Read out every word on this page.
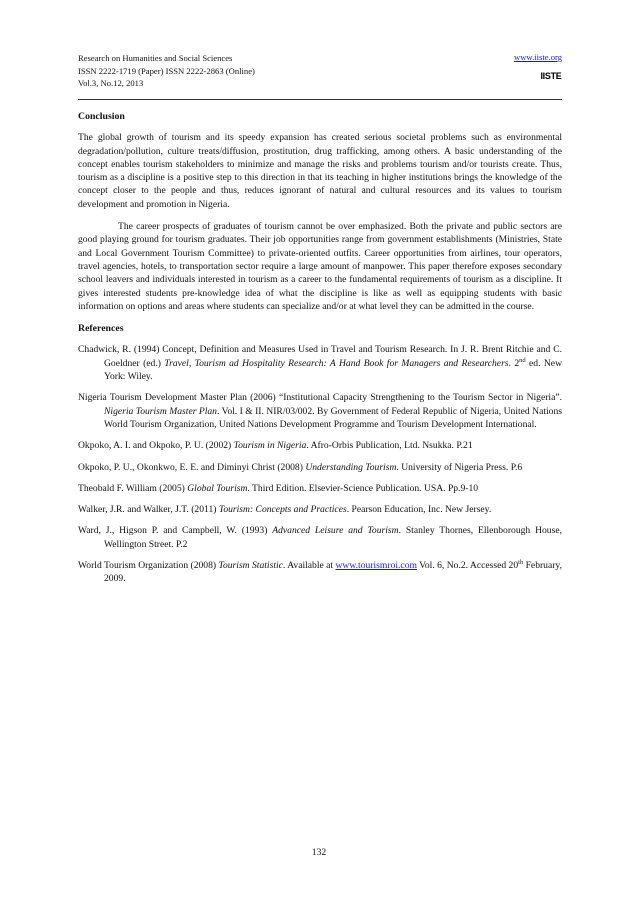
Research on Humanities and Social Sciences
ISSN 2222-1719 (Paper) ISSN 2222-2863 (Online)
Vol.3, No.12, 2013
www.iiste.org
IISTE
Conclusion

The global growth of tourism and its speedy expansion has created serious societal problems such as environmental degradation/pollution, culture treats/diffusion, prostitution, drug trafficking, among others. A basic understanding of the concept enables tourism stakeholders to minimize and manage the risks and problems tourism and/or tourists create. Thus, tourism as a discipline is a positive step to this direction in that its teaching in higher institutions brings the knowledge of the concept closer to the people and thus, reduces ignorant of natural and cultural resources and its values to tourism development and promotion in Nigeria.

The career prospects of graduates of tourism cannot be over emphasized. Both the private and public sectors are good playing ground for tourism graduates. Their job opportunities range from government establishments (Ministries, State and Local Government Tourism Committee) to private-oriented outfits. Career opportunities from airlines, tour operators, travel agencies, hotels, to transportation sector require a large amount of manpower. This paper therefore exposes secondary school leavers and individuals interested in tourism as a career to the fundamental requirements of tourism as a discipline. It gives interested students pre-knowledge idea of what the discipline is like as well as equipping students with basic information on options and areas where students can specialize and/or at what level they can be admitted in the course.

References
Chadwick, R. (1994) Concept, Definition and Measures Used in Travel and Tourism Research. In J. R. Brent Ritchie and C. Goeldner (ed.) Travel, Tourism ad Hospitality Research: A Hand Book for Managers and Researchers. 2nd ed. New York: Wiley.
Nigeria Tourism Development Master Plan (2006) “Institutional Capacity Strengthening to the Tourism Sector in Nigeria”. Nigeria Tourism Master Plan. Vol. I & II. NIR/03/002. By Government of Federal Republic of Nigeria, United Nations World Tourism Organization, United Nations Development Programme and Tourism Development International.
Okpoko, A. I. and Okpoko, P. U. (2002) Tourism in Nigeria. Afro-Orbis Publication, Ltd. Nsukka. P.21
Okpoko, P. U., Okonkwo, E. E. and Diminyi Christ (2008) Understanding Tourism. University of Nigeria Press. P.6
Theobald F. William (2005) Global Tourism. Third Edition. Elsevier-Science Publication. USA. Pp.9-10
Walker, J.R. and Walker, J.T. (2011) Tourism: Concepts and Practices. Pearson Education, Inc. New Jersey.
Ward, J., Higson P. and Campbell, W. (1993) Advanced Leisure and Tourism. Stanley Thornes, Ellenborough House, Wellington Street. P.2
World Tourism Organization (2008) Tourism Statistic. Available at www.tourismroi.com Vol. 6, No.2. Accessed 20th February, 2009.
132
